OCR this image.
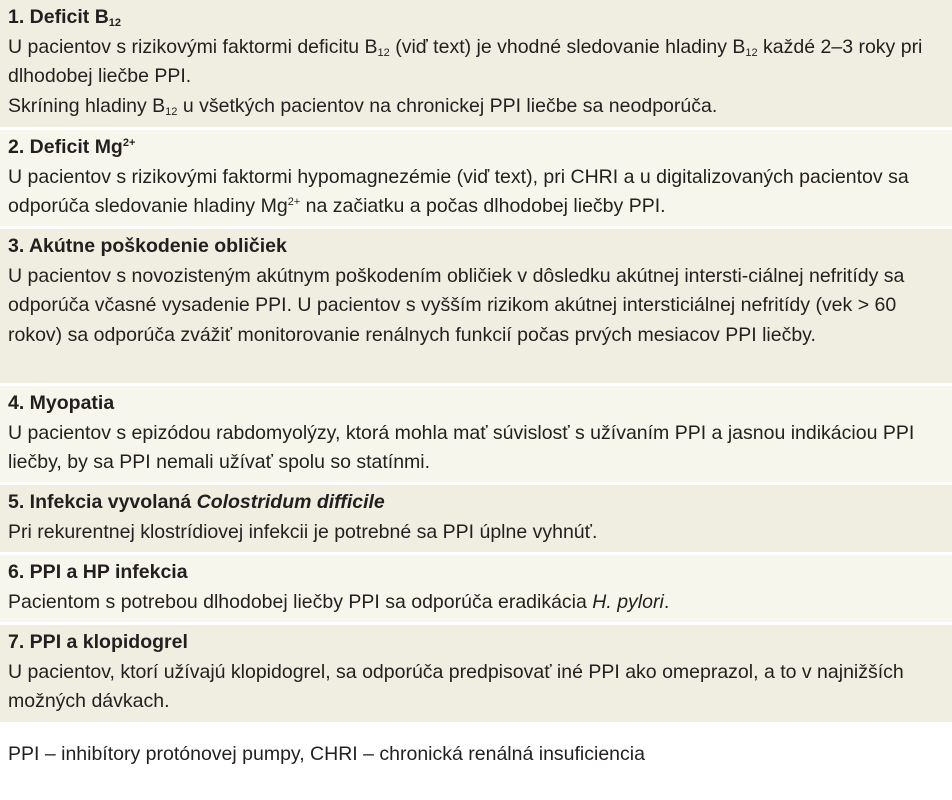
1. Deficit $B_{12}$
U pacientov s rizikovými faktormi deficitu $B_{12}$ (viď text) je vhodné sledovanie hladiny $B_{12}$ každé 2–3 roky pri dlhodobej liečbe PPI.
Skríning hladiny $B_{12}$ u všetkých pacientov na chronickej PPI liečbe sa neodporúča.
2. Deficit $Mg^{2+}$
U pacientov s rizikovými faktormi hypomagnezémie (viď text), pri CHRI a u digitalizovaných pacientov sa odporúča sledovanie hladiny $Mg^{2+}$ na začiatku a počas dlhodobej liečby PPI.
3. Akútne poškodenie obličiek
U pacientov s novozisteným akútnym poškodením obličiek v dôsledku akútnej intersti-ciálnej nefritídy sa odporúča včasné vysadenie PPI. U pacientov s vyšším rizikom akútnej intersticiálnej nefritídy (vek > 60 rokov) sa odporúča zvážiť monitorovanie renálnych funkcií počas prvých mesiacov PPI liečby.
4. Myopatia
U pacientov s epizódou rabdomyolýzy, ktorá mohla mať súvislosť s užívaním PPI a jasnou indikáciou PPI liečby, by sa PPI nemali užívať spolu so statínmi.
5. Infekcia vyvolaná Colostridum difficile
Pri rekurentnej klostrídiovej infekcii je potrebné sa PPI úplne vyhnúť.
6. PPI a HP infekcia
Pacientom s potrebou dlhodobej liečby PPI sa odporúča eradikácia H. pylori.
7. PPI a klopidogrel
U pacientov, ktorí užívajú klopidogrel, sa odporúča predpisovať iné PPI ako omeprazol, a to v najnižších možných dávkach.
PPI – inhibítory protónovej pumpy, CHRI – chronická renálná insuficiencia
